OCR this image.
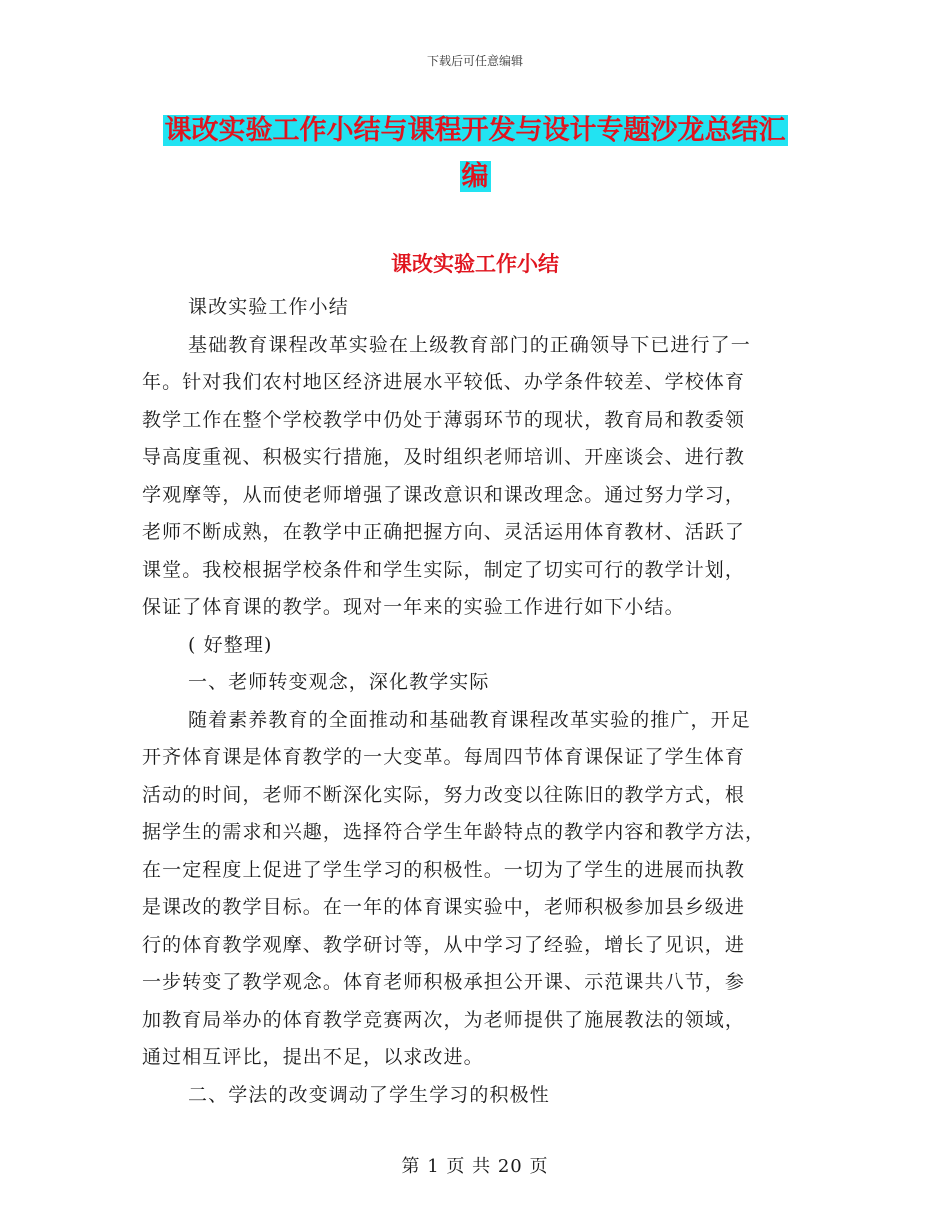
下载后可任意编辑
课改实验工作小结与课程开发与设计专题沙龙总结汇
编
课改实验工作小结
课改实验工作小结
基础教育课程改革实验在上级教育部门的正确领导下已进行了一
年。针对我们农村地区经济进展水平较低、办学条件较差、学校体育
教学工作在整个学校教学中仍处于薄弱环节的现状，教育局和教委领
导高度重视、积极实行措施，及时组织老师培训、开座谈会、进行教
学观摩等，从而使老师增强了课改意识和课改理念。通过努力学习，
老师不断成熟，在教学中正确把握方向、灵活运用体育教材、活跃了
课堂。我校根据学校条件和学生实际，制定了切实可行的教学计划，
保证了体育课的教学。现对一年来的实验工作进行如下小结。
( 好整理)
一、老师转变观念，深化教学实际
随着素养教育的全面推动和基础教育课程改革实验的推广，开足
开齐体育课是体育教学的一大变革。每周四节体育课保证了学生体育
活动的时间，老师不断深化实际，努力改变以往陈旧的教学方式，根
据学生的需求和兴趣，选择符合学生年龄特点的教学内容和教学方法，
在一定程度上促进了学生学习的积极性。一切为了学生的进展而执教
是课改的教学目标。在一年的体育课实验中，老师积极参加县乡级进
行的体育教学观摩、教学研讨等，从中学习了经验，增长了见识，进
一步转变了教学观念。体育老师积极承担公开课、示范课共八节，参
加教育局举办的体育教学竞赛两次，为老师提供了施展教法的领域，
通过相互评比，提出不足，以求改进。
二、学法的改变调动了学生学习的积极性
第 1 页 共 20 页
